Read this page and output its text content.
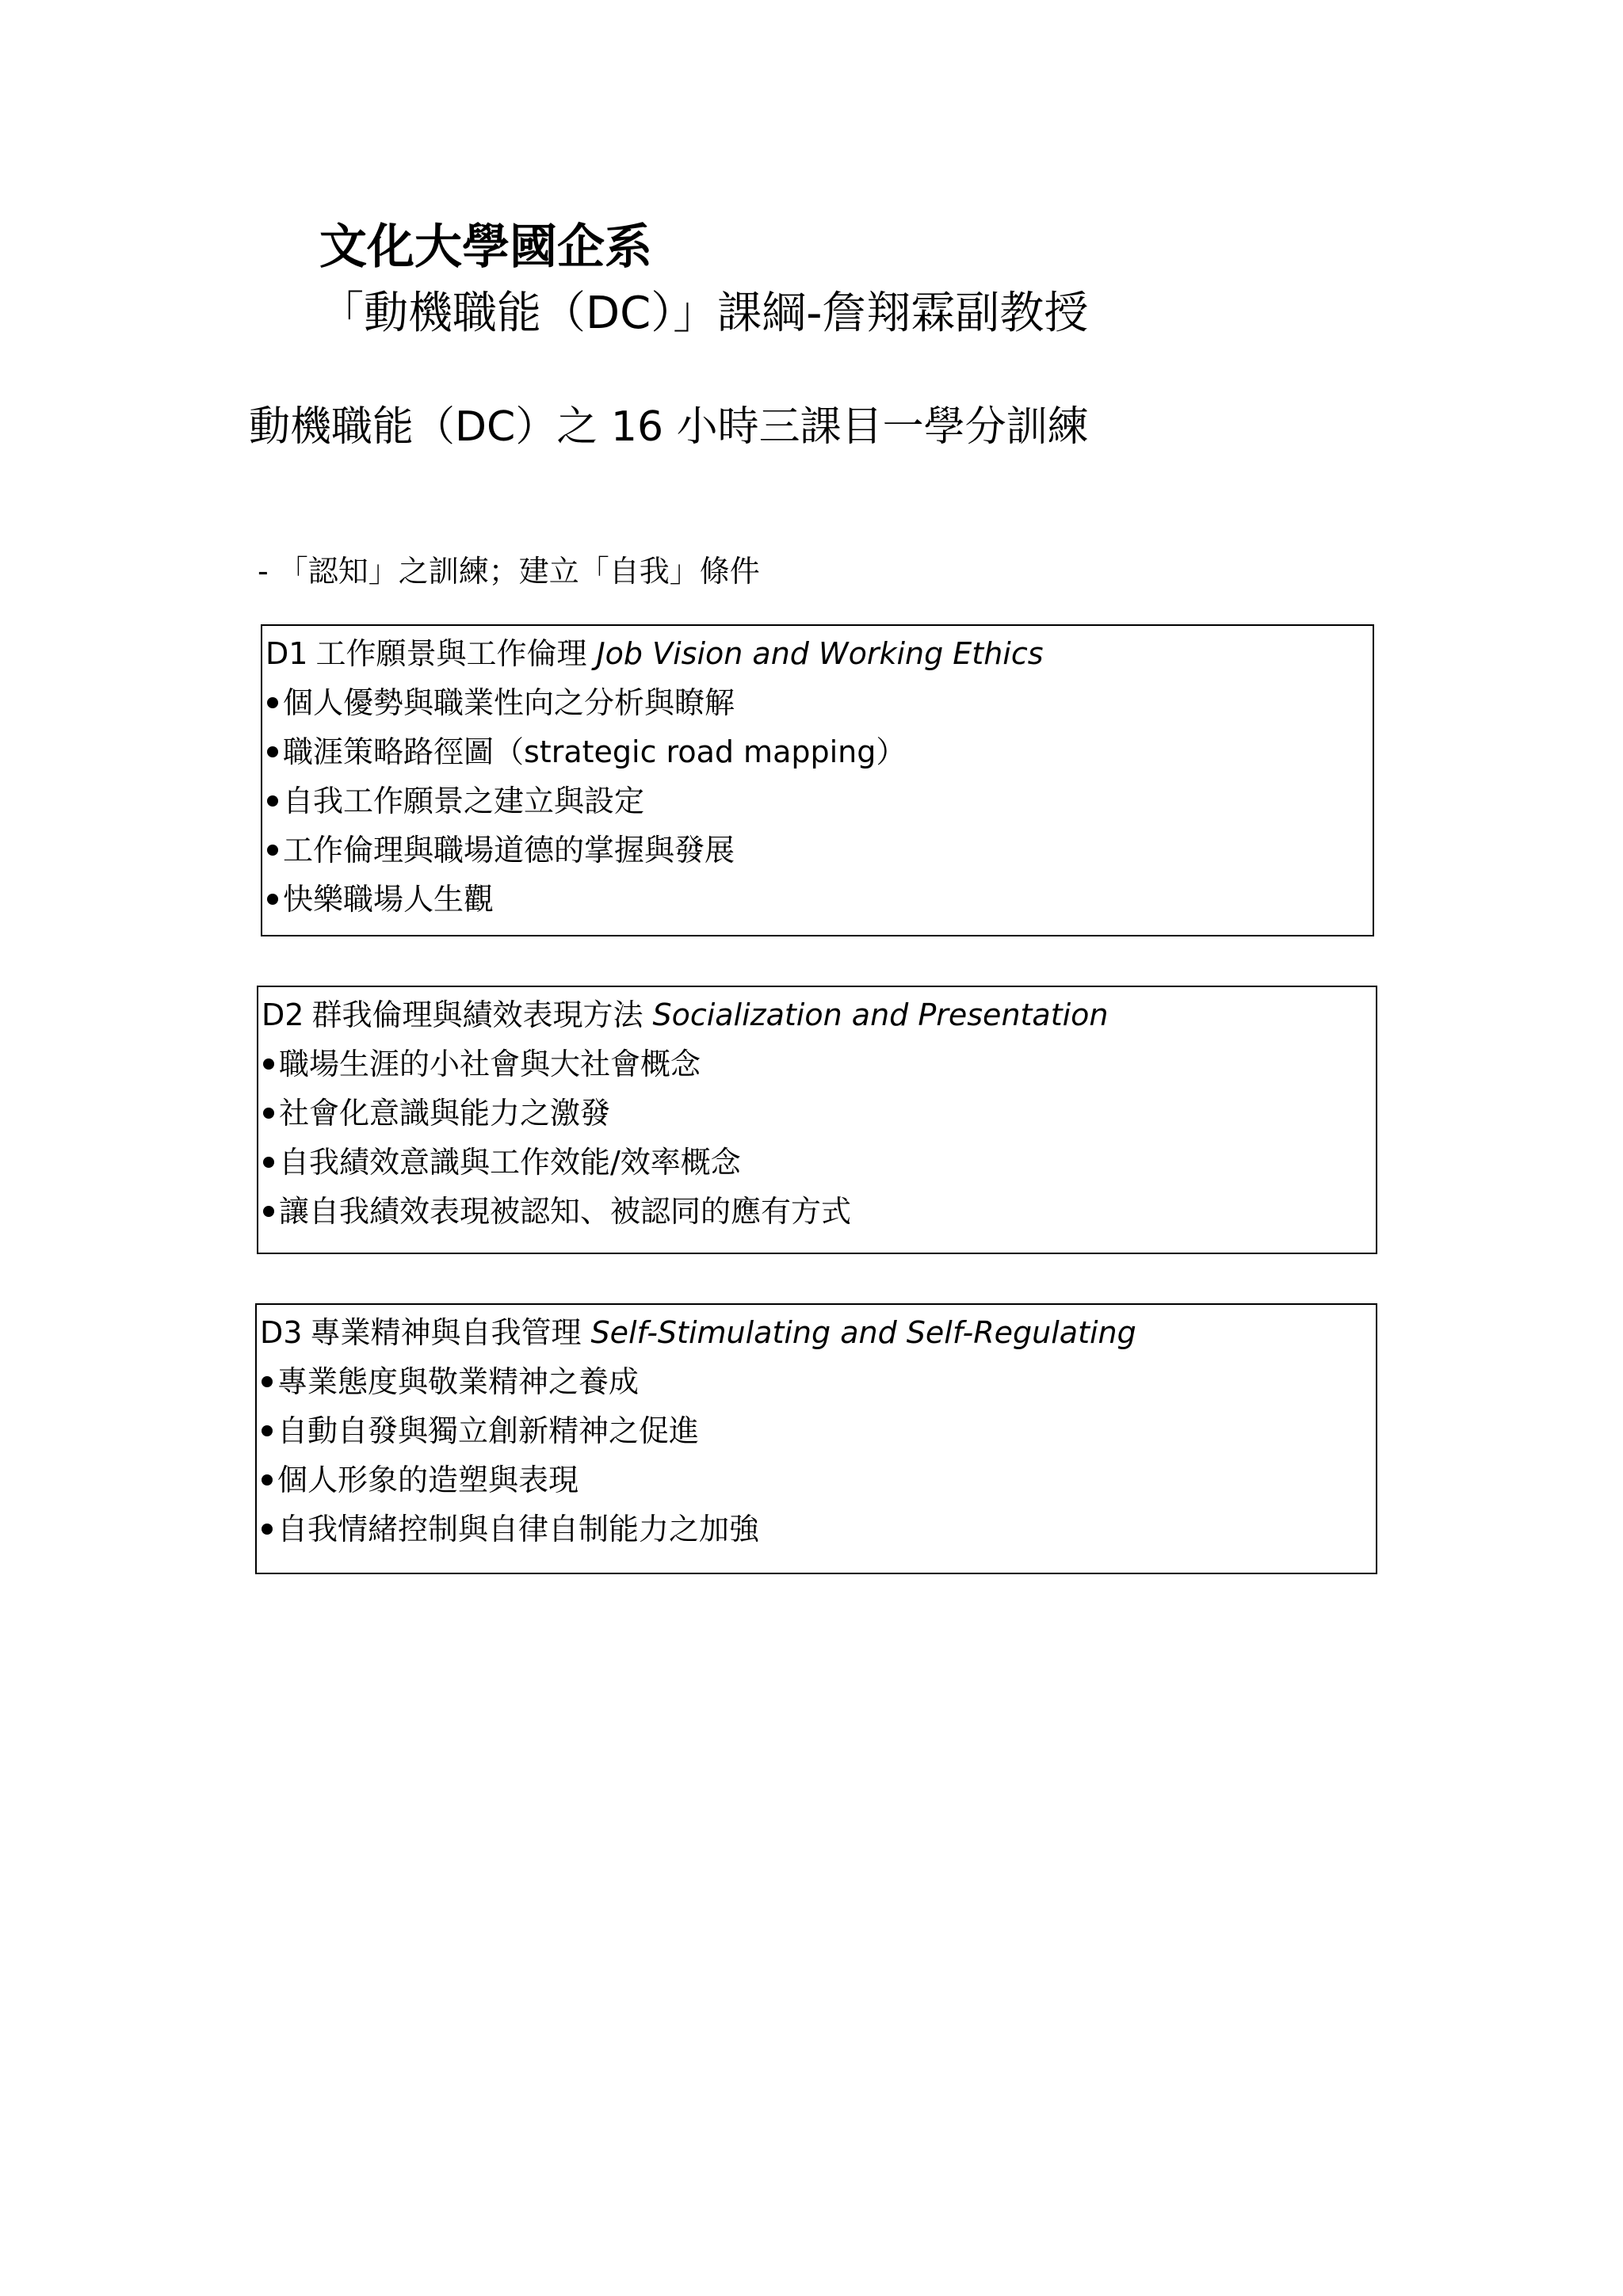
文化大學國企系
「動機職能（DC）」課綱-詹翔霖副教授
動機職能（DC）之 16 小時三課目一學分訓練
- 「認知」之訓練；建立「自我」條件
D1 工作願景與工作倫理 Job Vision and Working Ethics
個人優勢與職業性向之分析與瞭解
職涯策略路徑圖（strategic road mapping）
自我工作願景之建立與設定
工作倫理與職場道德的掌握與發展
快樂職場人生觀
D2 群我倫理與績效表現方法 Socialization and Presentation
職場生涯的小社會與大社會概念
社會化意識與能力之激發
自我績效意識與工作效能/效率概念
讓自我績效表現被認知、被認同的應有方式
D3 專業精神與自我管理 Self-Stimulating and Self-Regulating
專業態度與敬業精神之養成
自動自發與獨立創新精神之促進
個人形象的造塑與表現
自我情緒控制與自律自制能力之加強
